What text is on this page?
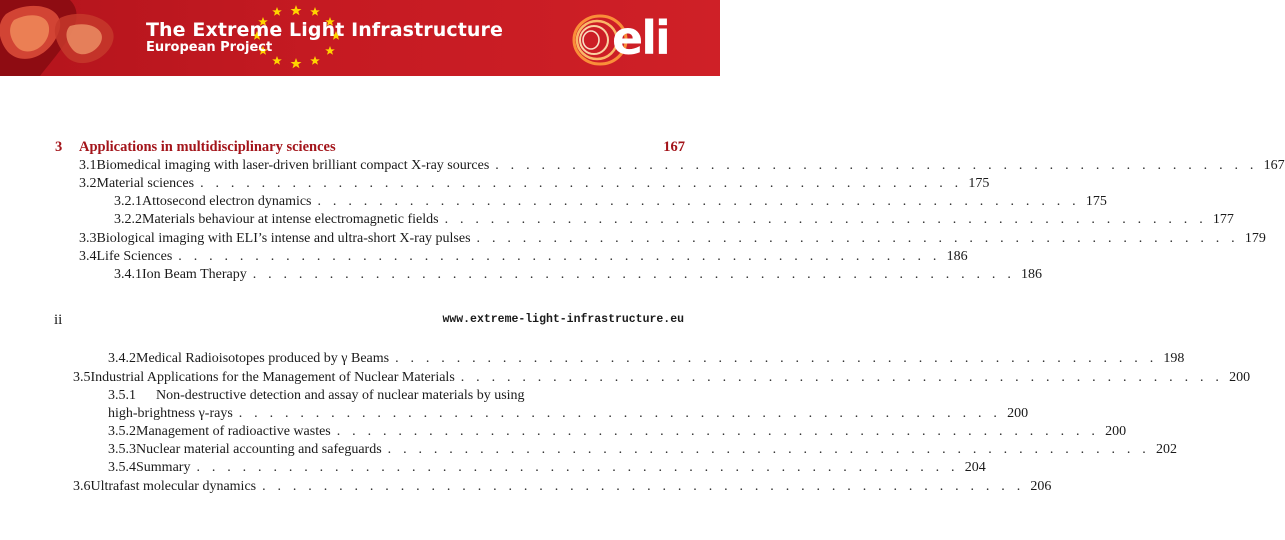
The Extreme Light Infrastructure
European Project	eli
3	Applications in multidisciplinary sciences	167
3.1 Biomedical imaging with laser-driven brilliant compact X-ray sources . . . . . . . . . . . . . . . . . . . . . . . . . . . . . . . . . . . . . . . . . . . . . . . . . . 167
3.2 Material sciences . . . . . . . . . . . . . . . . . . . . . . . . . . . . . . . . . . . . . . . . . . . . . . . . . . 175
3.2.1 Attosecond electron dynamics . . . . . . . . . . . . . . . . . . . . . . . . . . . . . . . . . . . . . . . . . . . . . . . . . . 175
3.2.2 Materials behaviour at intense electromagnetic fields . . . . . . . . . . . . . . . . . . . . . . . . . . . . . . . . . . . . . . . . . . . . . . . . . . 177
3.3 Biological imaging with ELI’s intense and ultra-short X-ray pulses . . . . . . . . . . . . . . . . . . . . . . . . . . . . . . . . . . . . . . . . . . . . . . . . . . 179
3.4 Life Sciences . . . . . . . . . . . . . . . . . . . . . . . . . . . . . . . . . . . . . . . . . . . . . . . . . . 186
3.4.1 Ion Beam Therapy . . . . . . . . . . . . . . . . . . . . . . . . . . . . . . . . . . . . . . . . . . . . . . . . . . 186
ii	www.extreme-light-infrastructure.eu
3.4.2 Medical Radioisotopes produced by γ Beams . . . . . . . . . . . . . . . . . . . . . . . . . . . . . . . . . . . . . . . . . . . . . . . . . . 198
3.5 Industrial Applications for the Management of Nuclear Materials . . . . . . . . . . . . . . . . . . . . . . . . . . . . . . . . . . . . . . . . . . . . . . . . . . 200
3.5.1	Non-destructive detection and assay of nuclear materials by using
high-brightness γ-rays . . . . . . . . . . . . . . . . . . . . . . . . . . . . . . . . . . . . . . . . . . . . . . . . . . 200
3.5.2 Management of radioactive wastes . . . . . . . . . . . . . . . . . . . . . . . . . . . . . . . . . . . . . . . . . . . . . . . . . . 200
3.5.3 Nuclear material accounting and safeguards . . . . . . . . . . . . . . . . . . . . . . . . . . . . . . . . . . . . . . . . . . . . . . . . . . 202
3.5.4 Summary . . . . . . . . . . . . . . . . . . . . . . . . . . . . . . . . . . . . . . . . . . . . . . . . . . 204
3.6 Ultrafast molecular dynamics . . . . . . . . . . . . . . . . . . . . . . . . . . . . . . . . . . . . . . . . . . . . . . . . . . 206
